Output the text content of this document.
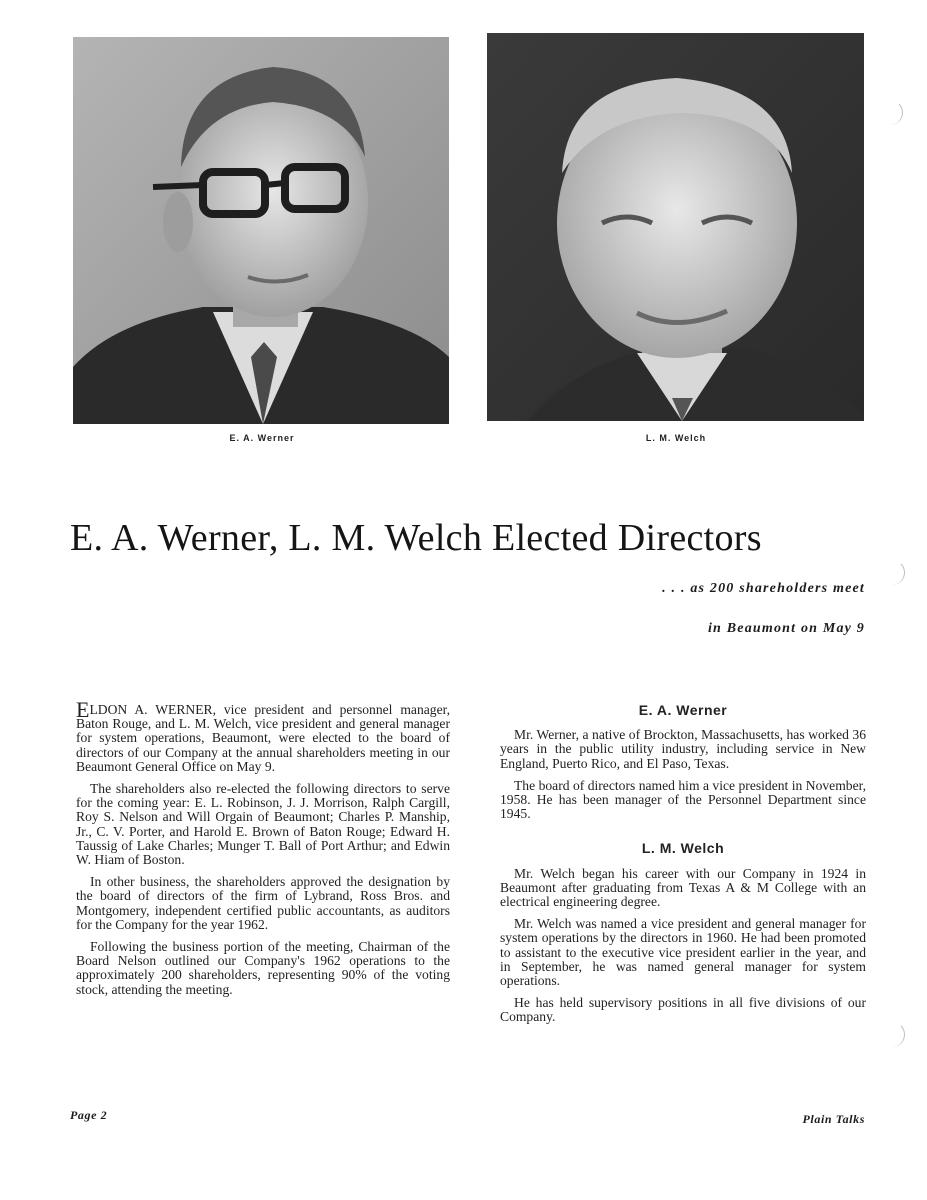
E. A. Werner	L. M. Welch
E. A. Werner, L. M. Welch Elected Directors
. . . as 200 shareholders meet
in Beaumont on May 9

ELDON A. WERNER, vice president and personnel manager, Baton Rouge, and L. M. Welch, vice president and general manager for system operations, Beaumont, were elected to the board of directors of our Company at the annual shareholders meeting in our Beaumont General Office on May 9.

The shareholders also re-elected the following directors to serve for the coming year: E. L. Robinson, J. J. Morrison, Ralph Cargill, Roy S. Nelson and Will Orgain of Beaumont; Charles P. Manship, Jr., C. V. Porter, and Harold E. Brown of Baton Rouge; Edward H. Taussig of Lake Charles; Munger T. Ball of Port Arthur; and Edwin W. Hiam of Boston.

In other business, the shareholders approved the designation by the board of directors of the firm of Lybrand, Ross Bros. and Montgomery, independent certified public accountants, as auditors for the Company for the year 1962.

Following the business portion of the meeting, Chairman of the Board Nelson outlined our Company's 1962 operations to the approximately 200 shareholders, representing 90% of the voting stock, attending the meeting.

E. A. Werner

Mr. Werner, a native of Brockton, Massachusetts, has worked 36 years in the public utility industry, including service in New England, Puerto Rico, and El Paso, Texas.

The board of directors named him a vice president in November, 1958. He has been manager of the Personnel Department since 1945.

L. M. Welch

Mr. Welch began his career with our Company in 1924 in Beaumont after graduating from Texas A & M College with an electrical engineering degree.

Mr. Welch was named a vice president and general manager for system operations by the directors in 1960. He had been promoted to assistant to the executive vice president earlier in the year, and in September, he was named general manager for system operations.

He has held supervisory positions in all five divisions of our Company.

Page 2	Plain Talks
